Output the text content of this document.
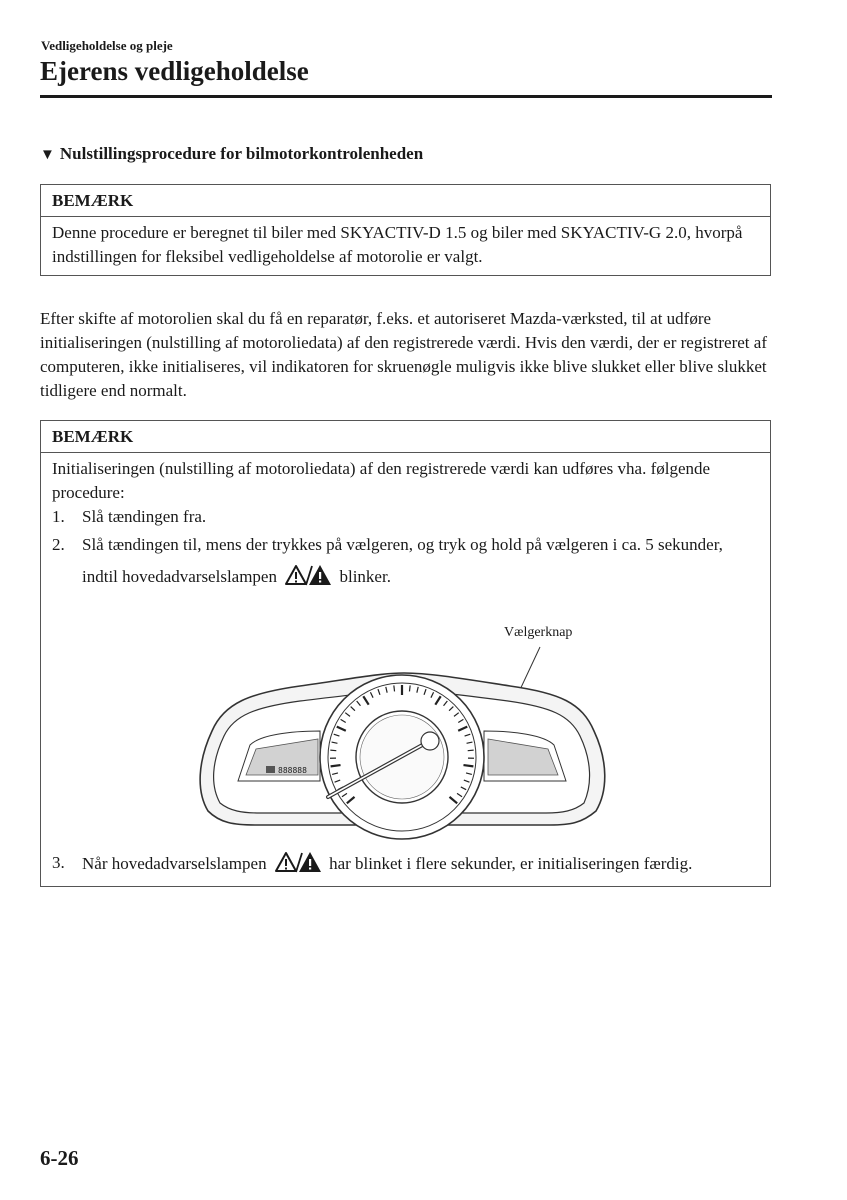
Vedligeholdelse og pleje
Ejerens vedligeholdelse
▼ Nulstillingsprocedure for bilmotorkontrolenheden
BEMÆRK
Denne procedure er beregnet til biler med SKYACTIV-D 1.5 og biler med SKYACTIV-G 2.0, hvorpå indstillingen for fleksibel vedligeholdelse af motorolie er valgt.
Efter skifte af motorolien skal du få en reparatør, f.eks. et autoriseret Mazda-værksted, til at udføre initialiseringen (nulstilling af motoroliedata) af den registrerede værdi. Hvis den værdi, der er registreret af computeren, ikke initialiseres, vil indikatoren for skruenøgle muligvis ikke blive slukket eller blive slukket tidligere end normalt.
BEMÆRK
Initialiseringen (nulstilling af motoroliedata) af den registrerede værdi kan udføres vha. følgende procedure:
1.	Slå tændingen fra.
2.	Slå tændingen til, mens der trykkes på vælgeren, og tryk og hold på vælgeren i ca. 5 sekunder, indtil hovedadvarselslampen	blinker.
Vælgerknap
888888
3.	Når hovedadvarselslampen	har blinket i flere sekunder, er initialiseringen færdig.
6-26
